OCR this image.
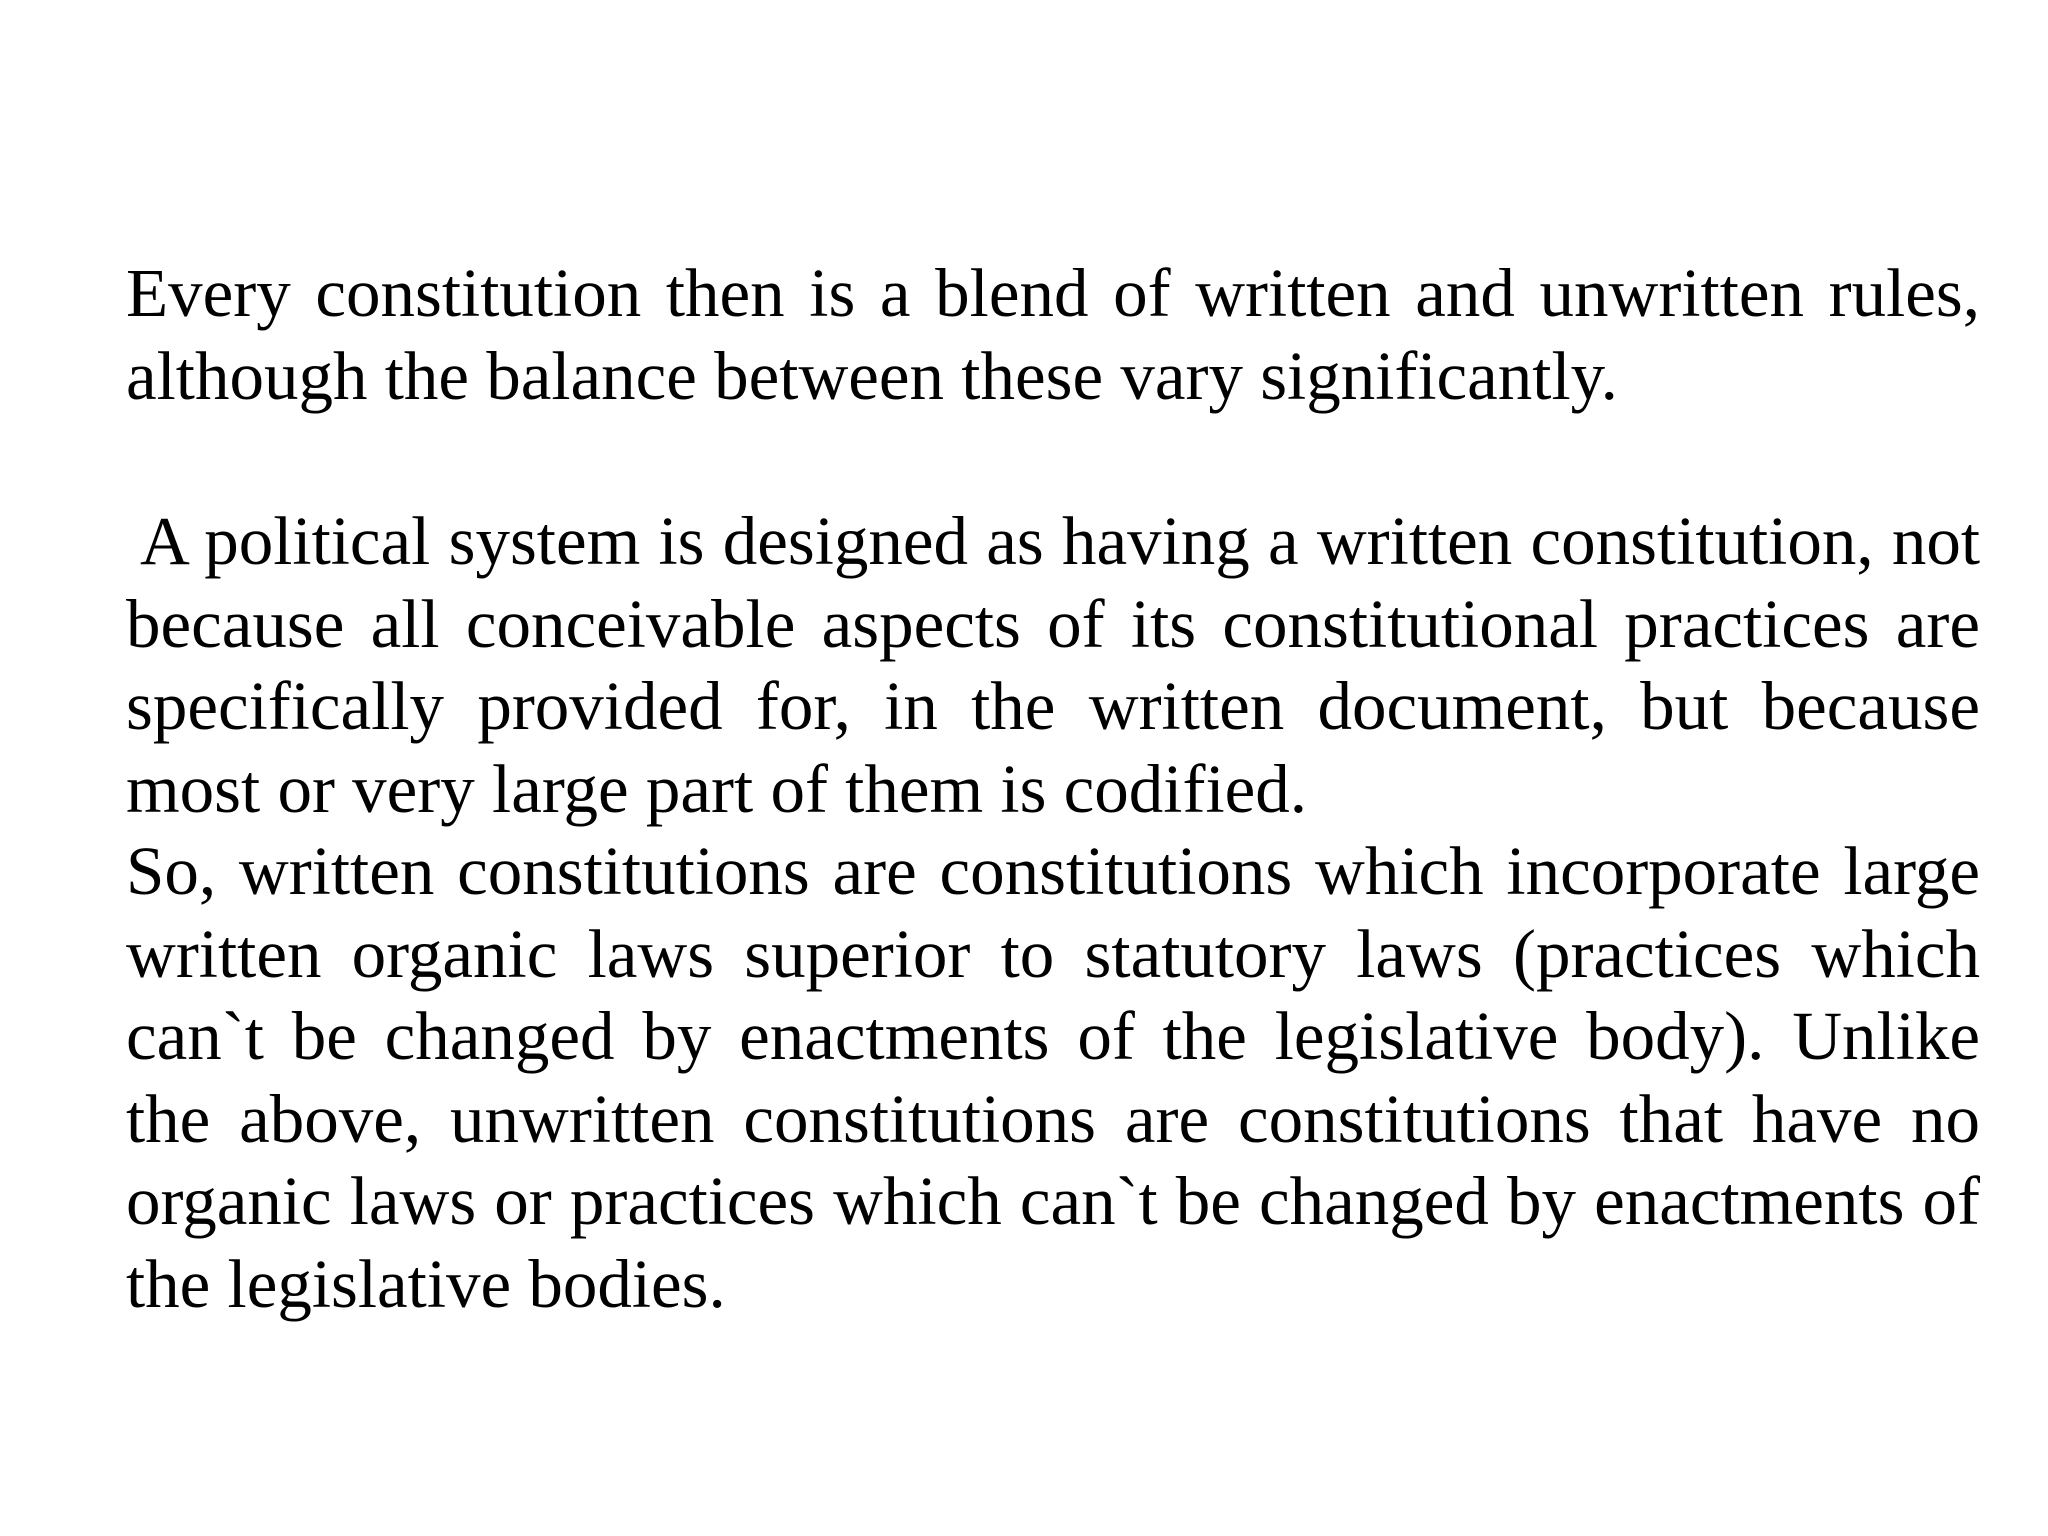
Every constitution then is a blend of written and unwritten rules, although the balance between these vary significantly.

A political system is designed as having a written constitution, not because all conceivable aspects of its constitutional practices are specifically provided for, in the written document, but because most or very large part of them is codified.

So, written constitutions are constitutions which incorporate large written organic laws superior to statutory laws (practices which can`t be changed by enactments of the legislative body). Unlike the above, unwritten constitutions are constitutions that have no organic laws or practices which can`t be changed by enactments of the legislative bodies.
